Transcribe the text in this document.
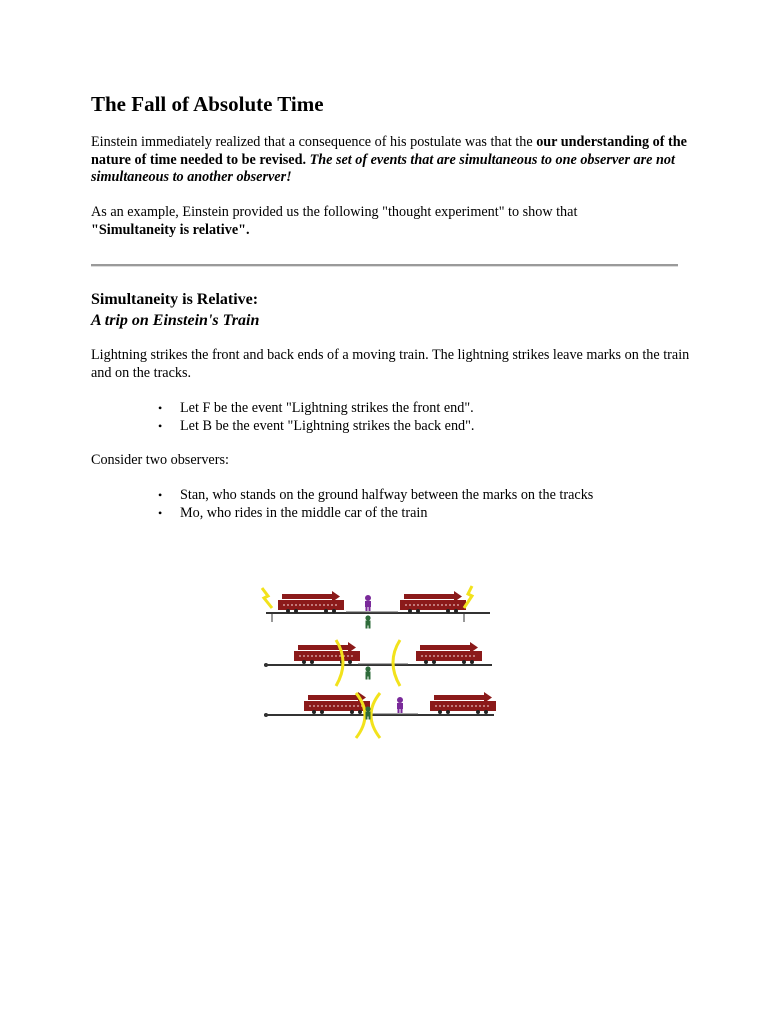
The Fall of Absolute Time

Einstein immediately realized that a consequence of his postulate was that the our understanding of the nature of time needed to be revised. The set of events that are simultaneous to one observer are not simultaneous to another observer!

As an example, Einstein provided us the following "thought experiment" to show that
"Simultaneity is relative".

Simultaneity is Relative:
A trip on Einstein's Train

Lightning strikes the front and back ends of a moving train. The lightning strikes leave marks on the train and on the tracks.

• Let F be the event "Lightning strikes the front end".
• Let B be the event "Lightning strikes the back end".

Consider two observers:

• Stan, who stands on the ground halfway between the marks on the tracks
• Mo, who rides in the middle car of the train
